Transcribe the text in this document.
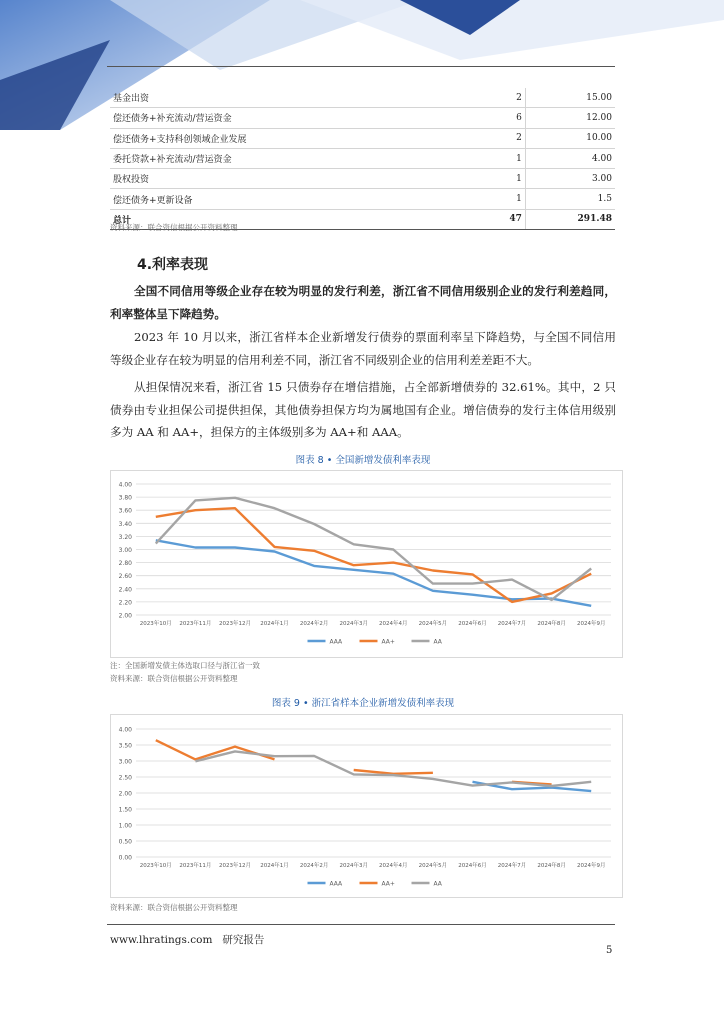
基金出资	2	15.00
偿还债务+补充流动/营运资金	6	12.00
偿还债务+支持科创领域企业发展	2	10.00
委托贷款+补充流动/营运资金	1	4.00
股权投资	1	3.00
偿还债务+更新设备	1	1.5
总计	47	291.48
资料来源：联合资信根据公开资料整理
4.利率表现
全国不同信用等级企业存在较为明显的发行利差，浙江省不同信用级别企业的发行利差趋同，利率整体呈下降趋势。
2023 年 10 月以来，浙江省样本企业新增发行债券的票面利率呈下降趋势，与全国不同信用等级企业存在较为明显的信用利差不同，浙江省不同级别企业的信用利差差距不大。
从担保情况来看，浙江省 15 只债券存在增信措施，占全部新增债券的 32.61%。其中，2 只债券由专业担保公司提供担保，其他债券担保方均为属地国有企业。增信债券的发行主体信用级别多为 AA 和 AA+，担保方的主体级别多为 AA+和 AAA。
图表 8 • 全国新增发债利率表现
2.00
2.20
2.40
2.60
2.80
3.00
3.20
3.40
3.60
3.80
4.00
2023年10月 2023年11月 2023年12月 2024年1月 2024年2月 2024年3月 2024年4月 2024年5月 2024年6月 2024年7月 2024年8月 2024年9月
AAA	AA+	AA
注：全国新增发债主体选取口径与浙江省一致
资料来源：联合资信根据公开资料整理
图表 9 • 浙江省样本企业新增发债利率表现
0.00
0.50
1.00
1.50
2.00
2.50
3.00
3.50
4.00
2023年10月 2023年11月 2023年12月 2024年1月 2024年2月 2024年3月 2024年4月 2024年5月 2024年6月 2024年7月 2024年8月 2024年9月
AAA	AA+	AA
资料来源：联合资信根据公开资料整理
www.lhratings.com 研究报告
5
